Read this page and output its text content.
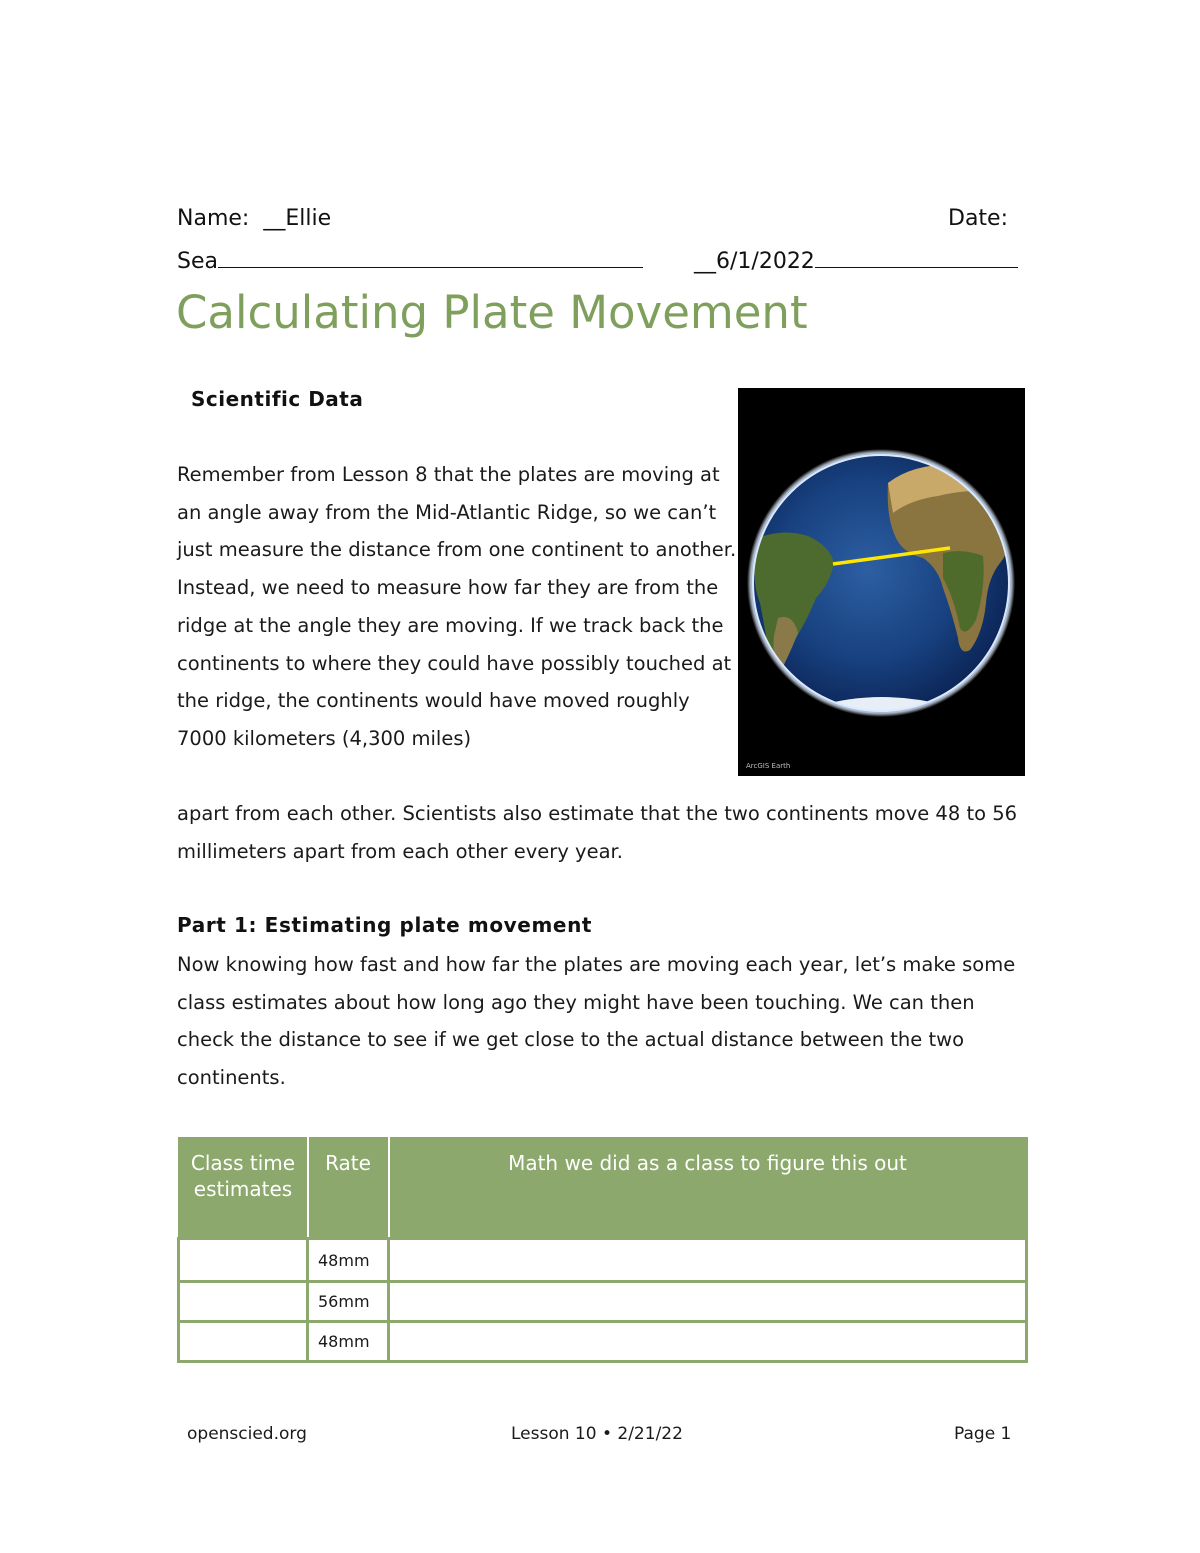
Name: __Ellie	Date:
Sea	__6/1/2022
Calculating Plate Movement
Scientific Data
Remember from Lesson 8 that the plates are moving at an angle away from the Mid-Atlantic Ridge, so we can’t just measure the distance from one continent to another. Instead, we need to measure how far they are from the ridge at the angle they are moving. If we track back the continents to where they could have possibly touched at the ridge, the continents would have moved roughly 7000 kilometers (4,300 miles)
ArcGIS Earth
apart from each other. Scientists also estimate that the two continents move 48 to 56 millimeters apart from each other every year.
Part 1: Estimating plate movement
Now knowing how fast and how far the plates are moving each year, let’s make some class estimates about how long ago they might have been touching. We can then check the distance to see if we get close to the actual distance between the two continents.
Class time estimates	Rate	Math we did as a class to figure this out
	48mm	
	56mm	
	48mm	
openscied.org	Lesson 10 • 2/21/22	Page 1
